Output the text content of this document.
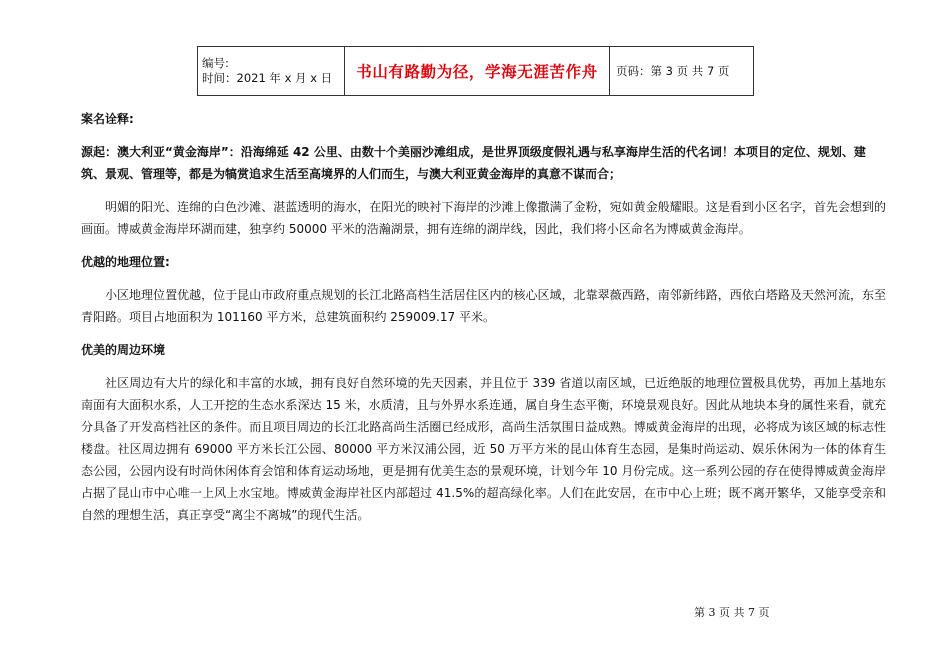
编号:
时间：2021 年 x 月 x 日	书山有路勤为径，学海无涯苦作舟	页码：第 3 页 共 7 页

案名诠释:

源起：澳大利亚“黄金海岸”：沿海绵延 42 公里、由数十个美丽沙滩组成，是世界顶级度假礼遇与私享海岸生活的代名词！本项目的定位、规划、建筑、景观、管理等，都是为犒赏追求生活至高境界的人们而生，与澳大利亚黄金海岸的真意不谋而合；

明媚的阳光、连绵的白色沙滩、湛蓝透明的海水，在阳光的映衬下海岸的沙滩上像撒满了金粉，宛如黄金般耀眼。这是看到小区名字，首先会想到的画面。博威黄金海岸环湖而建，独享约 50000 平米的浩瀚湖景，拥有连绵的湖岸线，因此，我们将小区命名为博威黄金海岸。

优越的地理位置:

小区地理位置优越，位于昆山市政府重点规划的长江北路高档生活居住区内的核心区域，北靠翠薇西路，南邻新纬路，西依白塔路及天然河流，东至青阳路。项目占地面积为 101160 平方米，总建筑面积约 259009.17 平米。

优美的周边环境

社区周边有大片的绿化和丰富的水域，拥有良好自然环境的先天因素，并且位于 339 省道以南区域，已近绝版的地理位置极具优势，再加上基地东南面有大面积水系，人工开挖的生态水系深达 15 米，水质清，且与外界水系连通，属自身生态平衡，环境景观良好。因此从地块本身的属性来看，就充分具备了开发高档社区的条件。而且项目周边的长江北路高尚生活圈已经成形，高尚生活氛围日益成熟。博威黄金海岸的出现，必将成为该区域的标志性楼盘。社区周边拥有 69000 平方米长江公园、80000 平方米汉浦公园，近 50 万平方米的昆山体育生态园，是集时尚运动、娱乐休闲为一体的体育生态公园，公园内设有时尚休闲体育会馆和体育运动场地，更是拥有优美生态的景观环境，计划今年 10 月份完成。这一系列公园的存在使得博威黄金海岸占据了昆山市中心唯一上风上水宝地。博威黄金海岸社区内部超过 41.5%的超高绿化率。人们在此安居，在市中心上班；既不离开繁华，又能享受亲和自然的理想生活，真正享受“离尘不离城”的现代生活。

第 3 页 共 7 页
